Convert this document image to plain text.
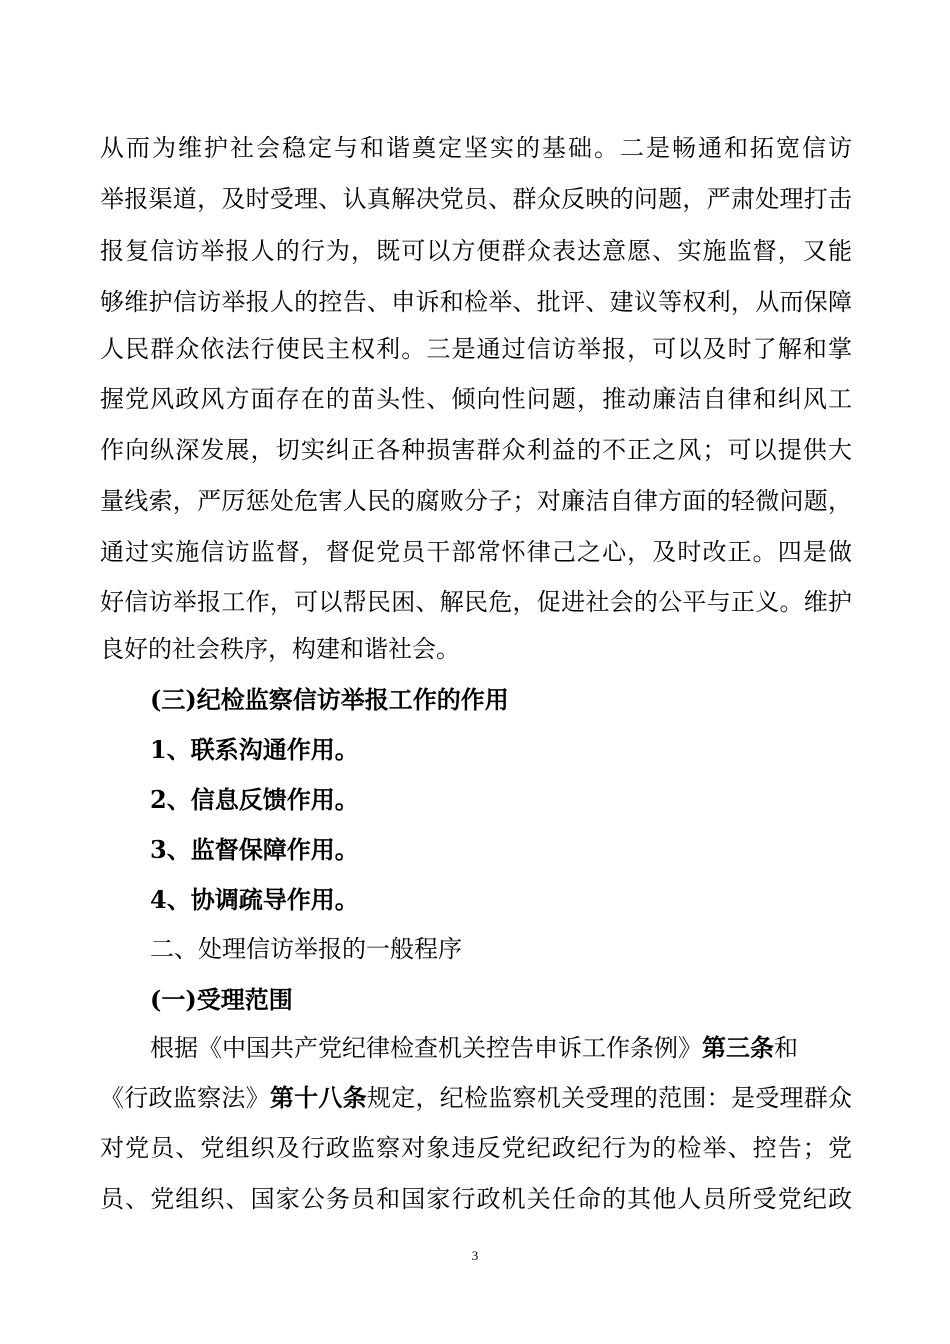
从而为维护社会稳定与和谐奠定坚实的基础。二是畅通和拓宽信访
举报渠道，及时受理、认真解决党员、群众反映的问题，严肃处理打击
报复信访举报人的行为，既可以方便群众表达意愿、实施监督，又能
够维护信访举报人的控告、申诉和检举、批评、建议等权利，从而保障
人民群众依法行使民主权利。三是通过信访举报，可以及时了解和掌
握党风政风方面存在的苗头性、倾向性问题，推动廉洁自律和纠风工
作向纵深发展，切实纠正各种损害群众利益的不正之风；可以提供大
量线索，严厉惩处危害人民的腐败分子；对廉洁自律方面的轻微问题，
通过实施信访监督，督促党员干部常怀律己之心，及时改正。四是做
好信访举报工作，可以帮民困、解民危，促进社会的公平与正义。维护
良好的社会秩序，构建和谐社会。
(三)纪检监察信访举报工作的作用
1、联系沟通作用。
2、信息反馈作用。
3、监督保障作用。
4、协调疏导作用。
二、处理信访举报的一般程序
(一)受理范围
根据《中国共产党纪律检查机关控告申诉工作条例》第三条和
《行政监察法》第十八条规定，纪检监察机关受理的范围：是受理群众
对党员、党组织及行政监察对象违反党纪政纪行为的检举、控告；党
员、党组织、国家公务员和国家行政机关任命的其他人员所受党纪政
3
